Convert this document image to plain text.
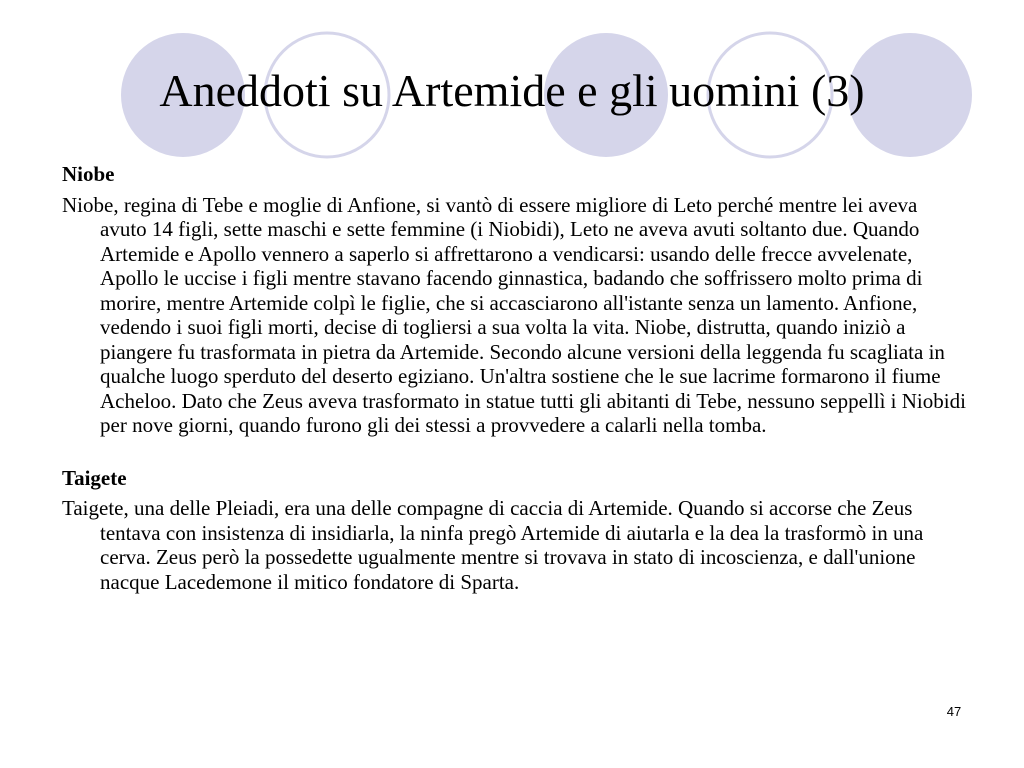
Aneddoti su Artemide e gli uomini (3)

Niobe

Niobe, regina di Tebe e moglie di Anfione, si vantò di essere migliore di Leto perché mentre lei aveva avuto 14 figli, sette maschi e sette femmine (i Niobidi), Leto ne aveva avuti soltanto due. Quando Artemide e Apollo vennero a saperlo si affrettarono a vendicarsi: usando delle frecce avvelenate, Apollo le uccise i figli mentre stavano facendo ginnastica, badando che soffrissero molto prima di morire, mentre Artemide colpì le figlie, che si accasciarono all'istante senza un lamento. Anfione, vedendo i suoi figli morti, decise di togliersi a sua volta la vita. Niobe, distrutta, quando iniziò a piangere fu trasformata in pietra da Artemide. Secondo alcune versioni della leggenda fu scagliata in qualche luogo sperduto del deserto egiziano. Un'altra sostiene che le sue lacrime formarono il fiume Acheloo. Dato che Zeus aveva trasformato in statue tutti gli abitanti di Tebe, nessuno seppellì i Niobidi per nove giorni, quando furono gli dei stessi a provvedere a calarli nella tomba.

Taigete

Taigete, una delle Pleiadi, era una delle compagne di caccia di Artemide. Quando si accorse che Zeus tentava con insistenza di insidiarla, la ninfa pregò Artemide di aiutarla e la dea la trasformò in una cerva. Zeus però la possedette ugualmente mentre si trovava in stato di incoscienza, e dall'unione nacque Lacedemone il mitico fondatore di Sparta.

47
